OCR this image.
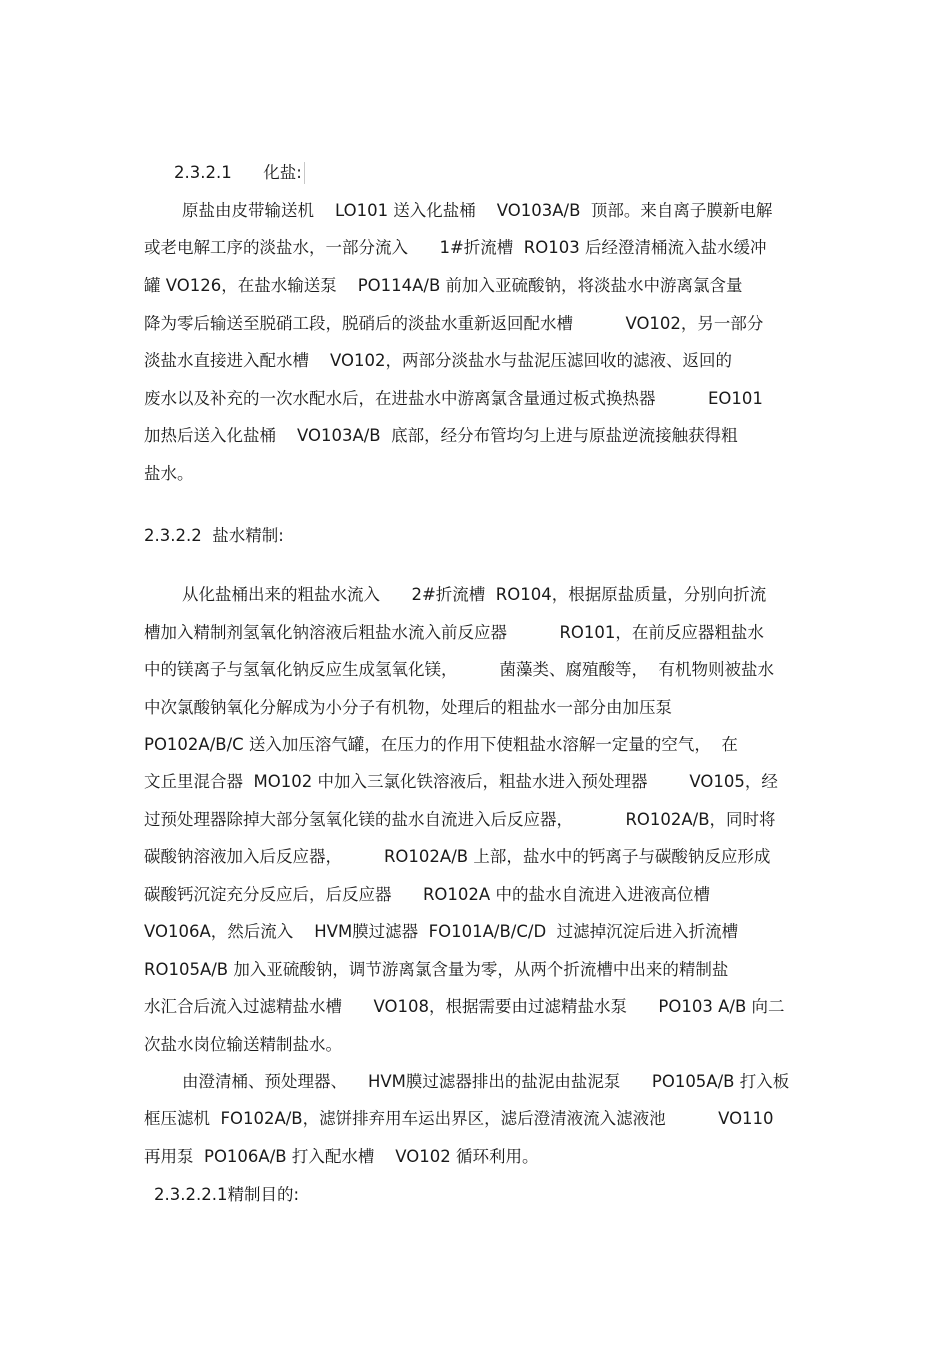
2.3.2.1      化盐:
原盐由皮带输送机    LO101 送入化盐桶    VO103A/B  顶部。来自离子膜新电解
或老电解工序的淡盐水，一部分流入      1#折流槽  RO103 后经澄清桶流入盐水缓冲
罐 VO126，在盐水输送泵    PO114A/B 前加入亚硫酸钠，将淡盐水中游离氯含量
降为零后输送至脱硝工段，脱硝后的淡盐水重新返回配水槽          VO102，另一部分
淡盐水直接进入配水槽    VO102，两部分淡盐水与盐泥压滤回收的滤液、返回的
废水以及补充的一次水配水后，在进盐水中游离氯含量通过板式换热器          EO101
加热后送入化盐桶    VO103A/B  底部，经分布管均匀上进与原盐逆流接触获得粗
盐水。
2.3.2.2  盐水精制:
从化盐桶出来的粗盐水流入      2#折流槽  RO104，根据原盐质量，分别向折流
槽加入精制剂氢氧化钠溶液后粗盐水流入前反应器          RO101，在前反应器粗盐水
中的镁离子与氢氧化钠反应生成氢氧化镁，        菌藻类、腐殖酸等，  有机物则被盐水
中次氯酸钠氧化分解成为小分子有机物，处理后的粗盐水一部分由加压泵
PO102A/B/C 送入加压溶气罐，在压力的作用下使粗盐水溶解一定量的空气，  在
文丘里混合器  MO102 中加入三氯化铁溶液后，粗盐水进入预处理器        VO105，经
过预处理器除掉大部分氢氧化镁的盐水自流进入后反应器，          RO102A/B，同时将
碳酸钠溶液加入后反应器，        RO102A/B 上部，盐水中的钙离子与碳酸钠反应形成
碳酸钙沉淀充分反应后，后反应器      RO102A 中的盐水自流进入进液高位槽
VO106A，然后流入    HVM膜过滤器  FO101A/B/C/D  过滤掉沉淀后进入折流槽
RO105A/B 加入亚硫酸钠，调节游离氯含量为零，从两个折流槽中出来的精制盐
水汇合后流入过滤精盐水槽      VO108，根据需要由过滤精盐水泵      PO103 A/B 向二
次盐水岗位输送精制盐水。
由澄清桶、预处理器、    HVM膜过滤器排出的盐泥由盐泥泵      PO105A/B 打入板
框压滤机  FO102A/B，滤饼排弃用车运出界区，滤后澄清液流入滤液池          VO110
再用泵  PO106A/B 打入配水槽    VO102 循环利用。
2.3.2.2.1精制目的:
